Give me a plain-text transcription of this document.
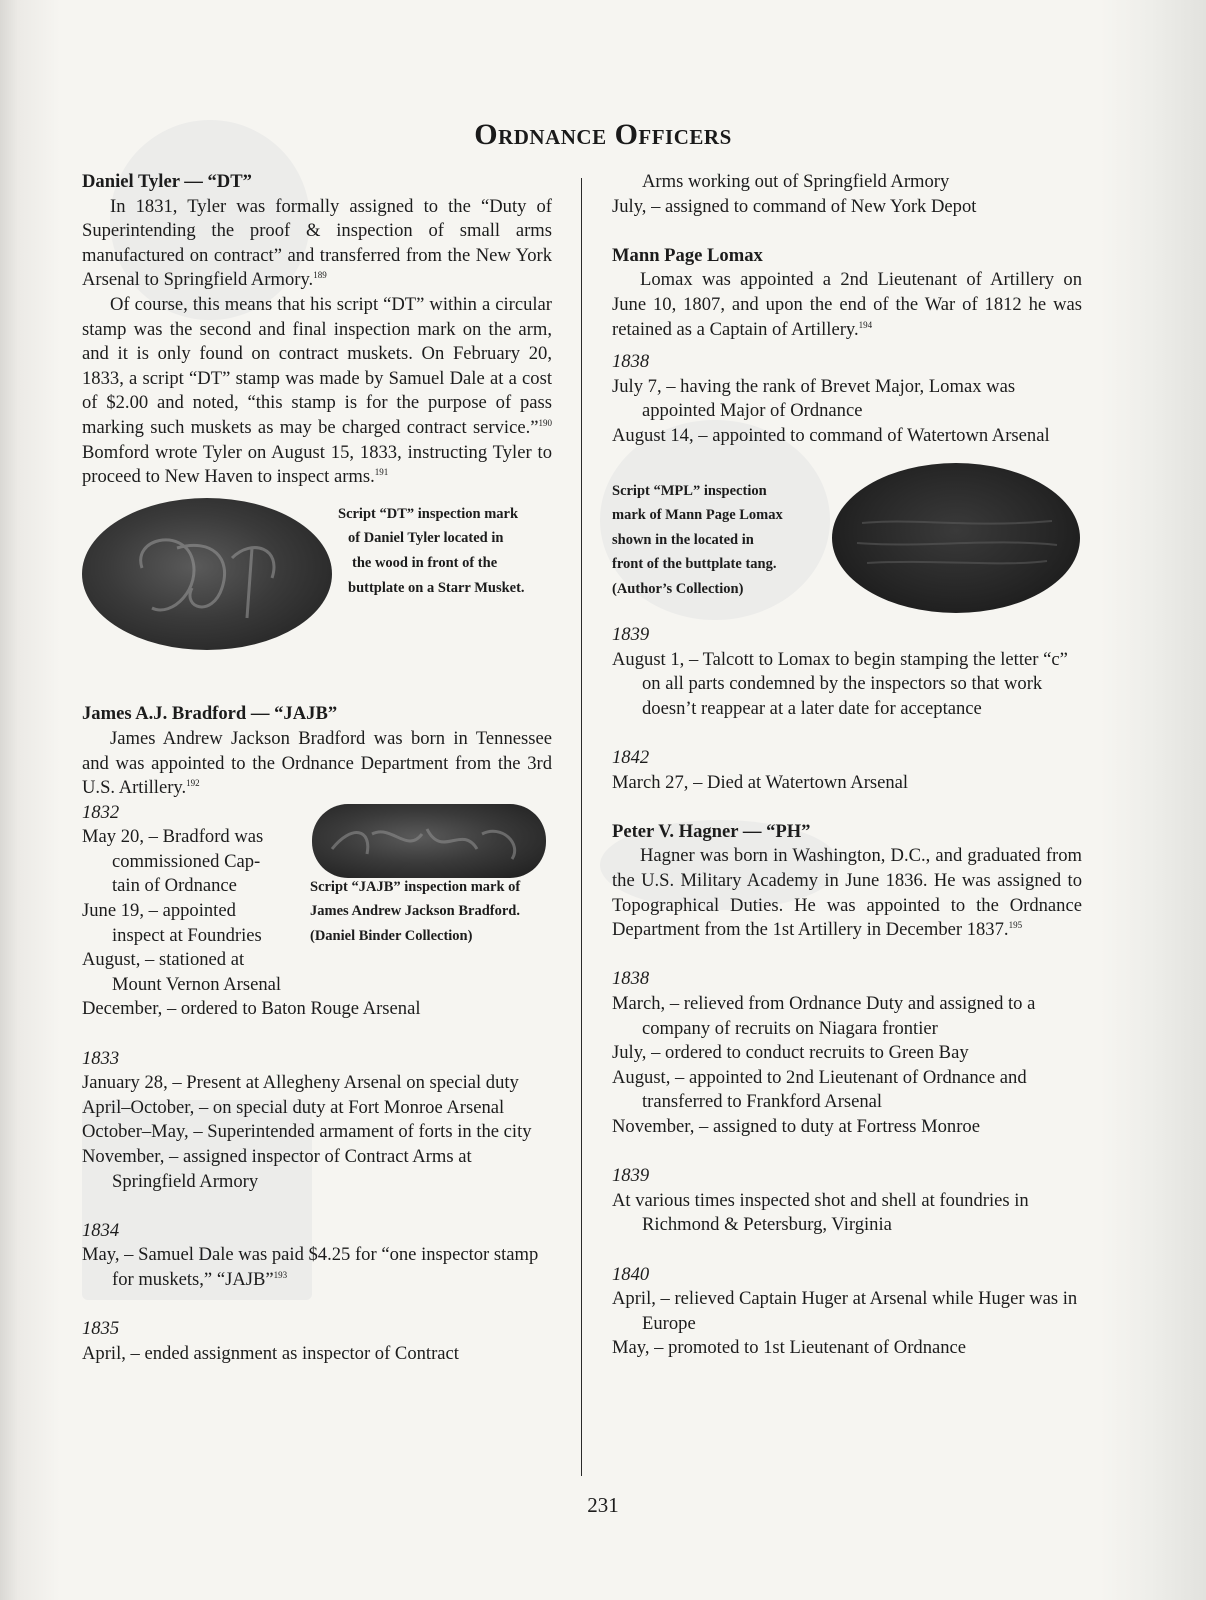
Ordnance Officers
Daniel Tyler — “DT”

In 1831, Tyler was formally assigned to the “Duty of Superintending the proof & inspection of small arms manufactured on contract” and transferred from the New York Arsenal to Springfield Armory.$^{189}$

Of course, this means that his script “DT” within a circular stamp was the second and final inspection mark on the arm, and it is only found on contract muskets. On February 20, 1833, a script “DT” stamp was made by Samuel Dale at a cost of $2.00 and noted, “this stamp is for the purpose of pass marking such muskets as may be charged contract service.”$^{190}$ Bomford wrote Tyler on August 15, 1833, instructing Tyler to proceed to New Haven to inspect arms.$^{191}$

Script “DT” inspection mark
of Daniel Tyler located in
the wood in front of the
buttplate on a Starr Musket.
James A.J. Bradford — “JAJB”

James Andrew Jackson Bradford was born in Tennessee and was appointed to the Ordnance Department from the 3rd U.S. Artillery.$^{192}$

Script “JAJB” inspection mark of
James Andrew Jackson Bradford.
(Daniel Binder Collection)

1832

May 20, – Bradford was
commissioned Cap-
tain of Ordnance

June 19, – appointed
inspect at Foundries

August, – stationed at
Mount Vernon Arsenal

December, – ordered to Baton Rouge Arsenal

1833

January 28, – Present at Allegheny Arsenal on special duty

April–October, – on special duty at Fort Monroe Arsenal

October–May, – Superintended armament of forts in the city

November, – assigned inspector of Contract Arms at Springfield Armory

1834

May, – Samuel Dale was paid $4.25 for “one inspector stamp for muskets,” “JAJB”$^{193}$

1835

April, – ended assignment as inspector of Contract

Arms working out of Springfield Armory

July, – assigned to command of New York Depot

Mann Page Lomax

Lomax was appointed a 2nd Lieutenant of Artillery on June 10, 1807, and upon the end of the War of 1812 he was retained as a Captain of Artillery.$^{194}$

1838

July 7, – having the rank of Brevet Major, Lomax was appointed Major of Ordnance

August 14, – appointed to command of Watertown Arsenal

Script “MPL” inspection
mark of Mann Page Lomax
shown in the located in
front of the buttplate tang.
(Author’s Collection)

1839

August 1, – Talcott to Lomax to begin stamping the letter “c” on all parts condemned by the inspectors so that work doesn’t reappear at a later date for acceptance

1842

March 27, – Died at Watertown Arsenal

Peter V. Hagner — “PH”

Hagner was born in Washington, D.C., and graduated from the U.S. Military Academy in June 1836. He was assigned to Topographical Duties. He was appointed to the Ordnance Department from the 1st Artillery in December 1837.$^{195}$

1838

March, – relieved from Ordnance Duty and assigned to a company of recruits on Niagara frontier

July, – ordered to conduct recruits to Green Bay

August, – appointed to 2nd Lieutenant of Ordnance and transferred to Frankford Arsenal

November, – assigned to duty at Fortress Monroe

1839

At various times inspected shot and shell at foundries in Richmond & Petersburg, Virginia

1840

April, – relieved Captain Huger at Arsenal while Huger was in Europe

May, – promoted to 1st Lieutenant of Ordnance

231
